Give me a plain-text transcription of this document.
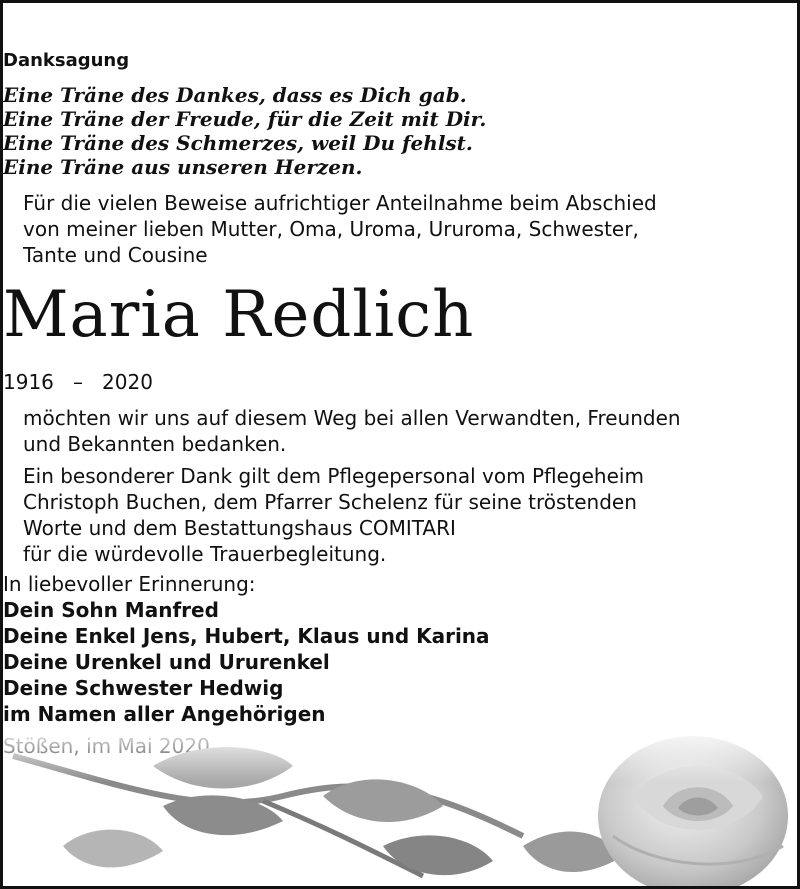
Danksagung
Eine Träne des Dankes, dass es Dich gab.
Eine Träne der Freude, für die Zeit mit Dir.
Eine Träne des Schmerzes, weil Du fehlst.
Eine Träne aus unseren Herzen.
Für die vielen Beweise aufrichtiger Anteilnahme beim Abschied
von meiner lieben Mutter, Oma, Uroma, Ururoma, Schwester,
Tante und Cousine
Maria Redlich
1916   –   2020
möchten wir uns auf diesem Weg bei allen Verwandten, Freunden
und Bekannten bedanken.
Ein besonderer Dank gilt dem Pflegepersonal vom Pflegeheim
Christoph Buchen, dem Pfarrer Schelenz für seine tröstenden
Worte und dem Bestattungshaus COMITARI
für die würdevolle Trauerbegleitung.
In liebevoller Erinnerung:
Dein Sohn Manfred
Deine Enkel Jens, Hubert, Klaus und Karina
Deine Urenkel und Ururenkel
Deine Schwester Hedwig
im Namen aller Angehörigen
